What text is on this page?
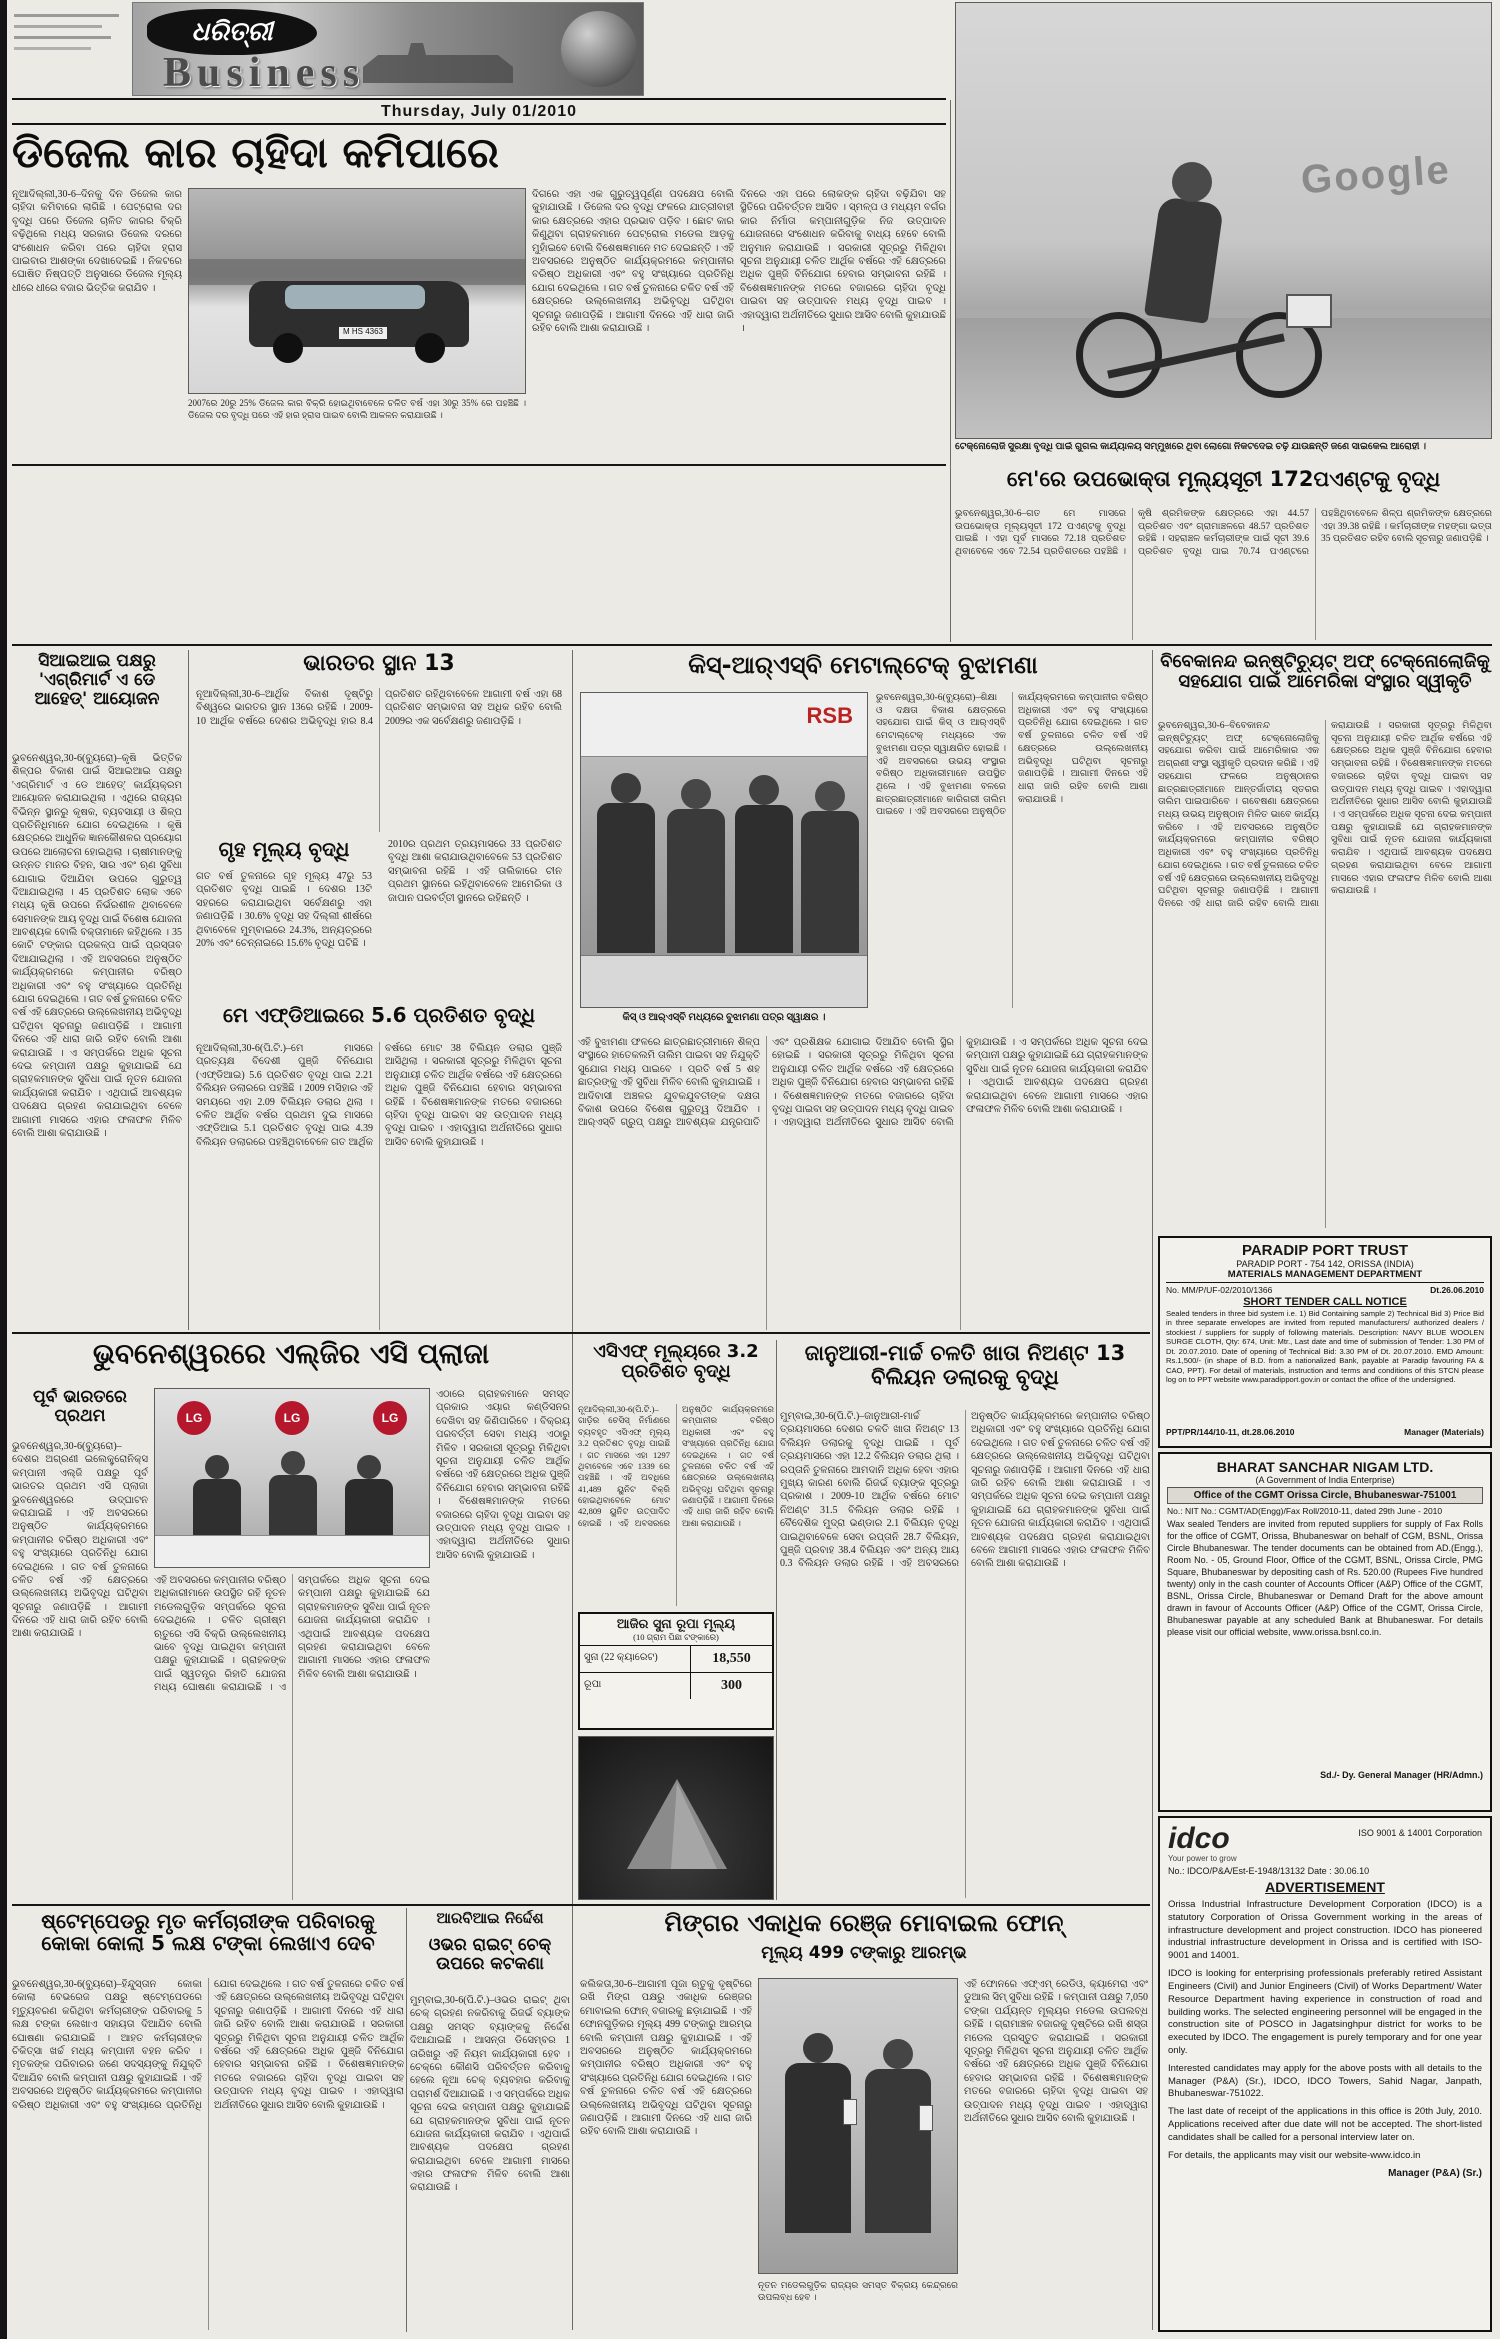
ଧରିତ୍ରୀ
Business
Google
ଟେକ୍ନୋଲୋଜି ସୁରକ୍ଷା ବୃଦ୍ଧି ପାଇଁ ଗୁଗଲ କାର୍ଯ୍ୟାଳୟ ସମ୍ମୁଖରେ ଥିବା ଲୋଗୋ ନିକଟଦେଇ ଚଢ଼ି ଯାଉଛନ୍ତି ଜଣେ ସାଇକେଲ ଆରୋହୀ ।
Thursday, July 01/2010
ଡିଜେଲ କାର ଚାହିଦା କମିପାରେ
ନୂଆଦିଲ୍ଲୀ,30-6–ଦିନକୁ ଦିନ ଡିଜେଲ କାର ଚାହିଦା କମିବାରେ ଲାଗିଛି । ପେଟ୍ରୋଲ ଦର ବୃଦ୍ଧି ପରେ ଡିଜେଲ ଚାଳିତ କାରର ବିକ୍ରି ବଢ଼ିଥିଲେ ମଧ୍ୟ ସରକାର ଡିଜେଲ ଦରରେ ସଂଶୋଧନ କରିବା ପରେ ଚାହିଦା ହ୍ରାସ ପାଇବାର ଆଶଙ୍କା ଦେଖାଦେଇଛି । ନିକଟରେ ଘୋଷିତ ନିଷ୍ପତ୍ତି ଅନୁସାରେ ଡିଜେଲ ମୂଲ୍ୟ ଧୀରେ ଧୀରେ ବଜାର ଭିତ୍ତିକ କରାଯିବ ।
M HS 4363
2007ରେ 20ରୁ 25% ଡିଜେଲ କାର ବିକ୍ରି ହୋଇଥିବାବେଳେ ଚଳିତ ବର୍ଷ ଏହା 30ରୁ 35% ରେ ପହଞ୍ଚିଛି । ଡିଜେଲ ଦର ବୃଦ୍ଧି ପରେ ଏହି ହାର ହ୍ରାସ ପାଇବ ବୋଲି ଆକଳନ କରାଯାଉଛି ।
ଦିଗରେ ଏହା ଏକ ଗୁରୁତ୍ୱପୂର୍ଣ୍ଣ ପଦକ୍ଷେପ ବୋଲି କୁହାଯାଉଛି । ଡିଜେଲ ଦର ବୃଦ୍ଧି ଫଳରେ ଯାତ୍ରୀବାହୀ କାର କ୍ଷେତ୍ରରେ ଏହାର ପ୍ରଭାବ ପଡ଼ିବ । ଛୋଟ କାର କିଣୁଥିବା ଗ୍ରାହକମାନେ ପେଟ୍ରୋଲ ମଡେଲ ଆଡ଼କୁ ମୁହାଁଇବେ ବୋଲି ବିଶେଷଜ୍ଞମାନେ ମତ ଦେଇଛନ୍ତି । ଏହି ଅବସରରେ ଅନୁଷ୍ଠିତ କାର୍ଯ୍ୟକ୍ରମରେ କମ୍ପାନୀର ବରିଷ୍ଠ ଅଧିକାରୀ ଏବଂ ବହୁ ସଂଖ୍ୟାରେ ପ୍ରତିନିଧି ଯୋଗ ଦେଇଥିଲେ । ଗତ ବର୍ଷ ତୁଳନାରେ ଚଳିତ ବର୍ଷ ଏହି କ୍ଷେତ୍ରରେ ଉଲ୍ଲେଖନୀୟ ଅଭିବୃଦ୍ଧି ଘଟିଥିବା ସୂଚନାରୁ ଜଣାପଡ଼ିଛି । ଆଗାମୀ ଦିନରେ ଏହି ଧାରା ଜାରି ରହିବ ବୋଲି ଆଶା କରାଯାଉଛି ।
ଦିନରେ ଏହା ପରେ ଲୋକଙ୍କ ଚାହିଦା ବଢ଼ିଯିବା ସହ ସ୍ଥିତିରେ ପରିବର୍ତ୍ତନ ଆସିବ । ସ୍ମଳ୍ପ ଓ ମଧ୍ୟମ ବର୍ଗର କାର ନିର୍ମାତା କମ୍ପାନୀଗୁଡ଼ିକ ନିଜ ଉତ୍ପାଦନ ଯୋଜନାରେ ସଂଶୋଧନ କରିବାକୁ ବାଧ୍ୟ ହେବେ ବୋଲି ଅନୁମାନ କରାଯାଉଛି । ସରକାରୀ ସୂତ୍ରରୁ ମିଳିଥିବା ସୂଚନା ଅନୁଯାୟୀ ଚଳିତ ଆର୍ଥିକ ବର୍ଷରେ ଏହି କ୍ଷେତ୍ରରେ ଅଧିକ ପୁଞ୍ଜି ବିନିଯୋଗ ହେବାର ସମ୍ଭାବନା ରହିଛି । ବିଶେଷଜ୍ଞମାନଙ୍କ ମତରେ ବଜାରରେ ଚାହିଦା ବୃଦ୍ଧି ପାଇବା ସହ ଉତ୍ପାଦନ ମଧ୍ୟ ବୃଦ୍ଧି ପାଇବ । ଏହାଦ୍ୱାରା ଅର୍ଥନୀତିରେ ସୁଧାର ଆସିବ ବୋଲି କୁହାଯାଉଛି ।
ମେ'ରେ ଉପଭୋକ୍ତା ମୂଲ୍ୟସୂଚୀ 172ପଏଣ୍ଟକୁ ବୃଦ୍ଧି
ଭୁବନେଶ୍ୱର,30-6–ଗତ ମେ ମାସରେ ଉପଭୋକ୍ତା ମୂଲ୍ୟସୂଚୀ 172 ପଏଣ୍ଟକୁ ବୃଦ୍ଧି ପାଇଛି । ଏହା ପୂର୍ବ ମାସରେ 72.18 ପ୍ରତିଶତ ଥିବାବେଳେ ଏବେ 72.54 ପ୍ରତିଶତରେ ପହଞ୍ଚିଛି । କୃଷି ଶ୍ରମିକଙ୍କ କ୍ଷେତ୍ରରେ ଏହା 44.57 ପ୍ରତିଶତ ଏବଂ ଗ୍ରାମାଞ୍ଚଳରେ 48.57 ପ୍ରତିଶତ ରହିଛି । ସହରାଞ୍ଚଳ କର୍ମଚାରୀଙ୍କ ପାଇଁ ସୂଚୀ 39.6 ପ୍ରତିଶତ ବୃଦ୍ଧି ପାଇ 70.74 ପଏଣ୍ଟରେ ପହଞ୍ଚିଥିବାବେଳେ ଶିଳ୍ପ ଶ୍ରମିକଙ୍କ କ୍ଷେତ୍ରରେ ଏହା 39.38 ରହିଛି । କର୍ମଚାରୀଙ୍କ ମହଙ୍ଗା ଭତ୍ତା 35 ପ୍ରତିଶତ ରହିବ ବୋଲି ସୂଚନାରୁ ଜଣାପଡ଼ିଛି ।
ସିଆଇଆଇ ପକ୍ଷରୁ 'ଏଗ୍ରିମାର୍ଟ ଏ ଡେ ଆହେଡ୍' ଆୟୋଜନ
ଭୁବନେଶ୍ୱର,30-6(ବ୍ୟୁରୋ)–କୃଷି ଭିତ୍ତିକ ଶିଳ୍ପର ବିକାଶ ପାଇଁ ସିଆଇଆଇ ପକ୍ଷରୁ 'ଏଗ୍ରିମାର୍ଟ ଏ ଡେ ଆହେଡ୍' କାର୍ଯ୍ୟକ୍ରମ ଆୟୋଜନ କରାଯାଇଥିଲା । ଏଥିରେ ରାଜ୍ୟର ବିଭିନ୍ନ ସ୍ଥାନରୁ କୃଷକ, ବ୍ୟବସାୟୀ ଓ ଶିଳ୍ପ ପ୍ରତିନିଧିମାନେ ଯୋଗ ଦେଇଥିଲେ । କୃଷି କ୍ଷେତ୍ରରେ ଆଧୁନିକ ଜ୍ଞାନକୌଶଳର ପ୍ରୟୋଗ ଉପରେ ଆଲୋଚନା ହୋଇଥିଲା । ଚାଷୀମାନଙ୍କୁ ଉନ୍ନତ ମାନର ବିହନ, ସାର ଏବଂ ଋଣ ସୁବିଧା ଯୋଗାଇ ଦିଆଯିବା ଉପରେ ଗୁରୁତ୍ୱ ଦିଆଯାଇଥିଲା । 45 ପ୍ରତିଶତ ଲୋକ ଏବେ ମଧ୍ୟ କୃଷି ଉପରେ ନିର୍ଭରଶୀଳ ଥିବାବେଳେ ସେମାନଙ୍କ ଆୟ ବୃଦ୍ଧି ପାଇଁ ବିଶେଷ ଯୋଜନା ଆବଶ୍ୟକ ବୋଲି ବକ୍ତାମାନେ କହିଥିଲେ । 35 କୋଟି ଟଙ୍କାର ପ୍ରକଳ୍ପ ପାଇଁ ପ୍ରସ୍ତାବ ଦିଆଯାଇଥିଲା । ଏହି ଅବସରରେ ଅନୁଷ୍ଠିତ କାର୍ଯ୍ୟକ୍ରମରେ କମ୍ପାନୀର ବରିଷ୍ଠ ଅଧିକାରୀ ଏବଂ ବହୁ ସଂଖ୍ୟାରେ ପ୍ରତିନିଧି ଯୋଗ ଦେଇଥିଲେ । ଗତ ବର୍ଷ ତୁଳନାରେ ଚଳିତ ବର୍ଷ ଏହି କ୍ଷେତ୍ରରେ ଉଲ୍ଲେଖନୀୟ ଅଭିବୃଦ୍ଧି ଘଟିଥିବା ସୂଚନାରୁ ଜଣାପଡ଼ିଛି । ଆଗାମୀ ଦିନରେ ଏହି ଧାରା ଜାରି ରହିବ ବୋଲି ଆଶା କରାଯାଉଛି । ଏ ସମ୍ପର୍କରେ ଅଧିକ ସୂଚନା ଦେଇ କମ୍ପାନୀ ପକ୍ଷରୁ କୁହାଯାଇଛି ଯେ ଗ୍ରାହକମାନଙ୍କ ସୁବିଧା ପାଇଁ ନୂତନ ଯୋଜନା କାର୍ଯ୍ୟକାରୀ କରାଯିବ । ଏଥିପାଇଁ ଆବଶ୍ୟକ ପଦକ୍ଷେପ ଗ୍ରହଣ କରାଯାଇଥିବା ବେଳେ ଆଗାମୀ ମାସରେ ଏହାର ଫଳାଫଳ ମିଳିବ ବୋଲି ଆଶା କରାଯାଉଛି ।
ଭାରତର ସ୍ଥାନ 13
ନୂଆଦିଲ୍ଲୀ,30-6–ଆର୍ଥିକ ବିକାଶ ଦୃଷ୍ଟିରୁ ବିଶ୍ୱରେ ଭାରତର ସ୍ଥାନ 13ରେ ରହିଛି । 2009-10 ଆର୍ଥିକ ବର୍ଷରେ ଦେଶର ଅଭିବୃଦ୍ଧି ହାର 8.4 ପ୍ରତିଶତ ରହିଥିବାବେଳେ ଆଗାମୀ ବର୍ଷ ଏହା 68 ପ୍ରତିଶତ ସମ୍ଭାବନା ସହ ଅଧିକ ରହିବ ବୋଲି 2009ର ଏକ ସର୍ବେକ୍ଷଣରୁ ଜଣାପଡ଼ିଛି ।
ଗୃହ ମୂଲ୍ୟ ବୃଦ୍ଧି
ଗତ ବର୍ଷ ତୁଳନାରେ ଗୃହ ମୂଲ୍ୟ 47ରୁ 53 ପ୍ରତିଶତ ବୃଦ୍ଧି ପାଇଛି । ଦେଶର 13ଟି ସହରରେ କରାଯାଇଥିବା ସର୍ବେକ୍ଷଣରୁ ଏହା ଜଣାପଡ଼ିଛି । 30.6% ବୃଦ୍ଧି ସହ ଦିଲ୍ଲୀ ଶୀର୍ଷରେ ଥିବାବେଳେ ମୁମ୍ବାଇରେ 24.3%, ଅନ୍ୟତ୍ରରେ 20% ଏବଂ ଚେନ୍ନାଇରେ 15.6% ବୃଦ୍ଧି ଘଟିଛି ।
2010ର ପ୍ରଥମ ତ୍ରୟମାସରେ 33 ପ୍ରତିଶତ ବୃଦ୍ଧି ଆଶା କରାଯାଉଥିବାବେଳେ 53 ପ୍ରତିଶତ ସମ୍ଭାବନା ରହିଛି । ଏହି ତାଲିକାରେ ଚୀନ ପ୍ରଥମ ସ୍ଥାନରେ ରହିଥିବାବେଳେ ଆମେରିକା ଓ ଜାପାନ ପରବର୍ତ୍ତୀ ସ୍ଥାନରେ ରହିଛନ୍ତି ।
ମେ ଏଫ୍‌ଡିଆଇରେ 5.6 ପ୍ରତିଶତ ବୃଦ୍ଧି
ନୂଆଦିଲ୍ଲୀ,30-6(ପି.ଟି.)–ମେ ମାସରେ ପ୍ରତ୍ୟକ୍ଷ ବିଦେଶୀ ପୁଞ୍ଜି ବିନିଯୋଗ (ଏଫ୍‌ଡିଆଇ) 5.6 ପ୍ରତିଶତ ବୃଦ୍ଧି ପାଇ 2.21 ବିଲିୟନ ଡଲାରରେ ପହଞ୍ଚିଛି । 2009 ମସିହାର ଏହି ସମୟରେ ଏହା 2.09 ବିଲିୟନ ଡଲାର ଥିଲା । ଚଳିତ ଆର୍ଥିକ ବର୍ଷର ପ୍ରଥମ ଦୁଇ ମାସରେ ଏଫ୍‌ଡିଆଇ 5.1 ପ୍ରତିଶତ ବୃଦ୍ଧି ପାଇ 4.39 ବିଲିୟନ ଡଲାରରେ ପହଞ୍ଚିଥିବାବେଳେ ଗତ ଆର୍ଥିକ ବର୍ଷରେ ମୋଟ 38 ବିଲିୟନ ଡଲାର ପୁଞ୍ଜି ଆସିଥିଲା । ସରକାରୀ ସୂତ୍ରରୁ ମିଳିଥିବା ସୂଚନା ଅନୁଯାୟୀ ଚଳିତ ଆର୍ଥିକ ବର୍ଷରେ ଏହି କ୍ଷେତ୍ରରେ ଅଧିକ ପୁଞ୍ଜି ବିନିଯୋଗ ହେବାର ସମ୍ଭାବନା ରହିଛି । ବିଶେଷଜ୍ଞମାନଙ୍କ ମତରେ ବଜାରରେ ଚାହିଦା ବୃଦ୍ଧି ପାଇବା ସହ ଉତ୍ପାଦନ ମଧ୍ୟ ବୃଦ୍ଧି ପାଇବ । ଏହାଦ୍ୱାରା ଅର୍ଥନୀତିରେ ସୁଧାର ଆସିବ ବୋଲି କୁହାଯାଉଛି ।
କିସ୍‌-ଆର୍‌ଏସ୍‌ବି ମେଟାଲ୍‌ଟେକ୍ ବୁଝାମଣା
RSB
ଭୁବନେଶ୍ୱର,30-6(ବ୍ୟୁରୋ)–ଶିକ୍ଷା ଓ ଦକ୍ଷତା ବିକାଶ କ୍ଷେତ୍ରରେ ସହଯୋଗ ପାଇଁ କିସ୍ ଓ ଆର୍‌ଏସ୍‌ବି ମେଟାଲ୍‌ଟେକ୍ ମଧ୍ୟରେ ଏକ ବୁଝାମଣା ପତ୍ର ସ୍ୱାକ୍ଷରିତ ହୋଇଛି । ଏହି ଅବସରରେ ଉଭୟ ସଂସ୍ଥାର ବରିଷ୍ଠ ଅଧିକାରୀମାନେ ଉପସ୍ଥିତ ଥିଲେ । ଏହି ବୁଝାମଣା ବଳରେ ଛାତ୍ରଛାତ୍ରୀମାନେ କାରିଗରୀ ତାଲିମ ପାଇବେ । ଏହି ଅବସରରେ ଅନୁଷ୍ଠିତ କାର୍ଯ୍ୟକ୍ରମରେ କମ୍ପାନୀର ବରିଷ୍ଠ ଅଧିକାରୀ ଏବଂ ବହୁ ସଂଖ୍ୟାରେ ପ୍ରତିନିଧି ଯୋଗ ଦେଇଥିଲେ । ଗତ ବର୍ଷ ତୁଳନାରେ ଚଳିତ ବର୍ଷ ଏହି କ୍ଷେତ୍ରରେ ଉଲ୍ଲେଖନୀୟ ଅଭିବୃଦ୍ଧି ଘଟିଥିବା ସୂଚନାରୁ ଜଣାପଡ଼ିଛି । ଆଗାମୀ ଦିନରେ ଏହି ଧାରା ଜାରି ରହିବ ବୋଲି ଆଶା କରାଯାଉଛି ।
କିସ୍ ଓ ଆର୍‌ଏସ୍‌ବି ମଧ୍ୟରେ ବୁଝାମଣା ପତ୍ର ସ୍ୱାକ୍ଷର ।
ଏହି ବୁଝାମଣା ଫଳରେ ଛାତ୍ରଛାତ୍ରୀମାନେ ଶିଳ୍ପ ସଂସ୍ଥାରେ ହାତେକଲମି ତାଲିମ ପାଇବା ସହ ନିଯୁକ୍ତି ସୁଯୋଗ ମଧ୍ୟ ପାଇବେ । ପ୍ରତି ବର୍ଷ 5 ଶହ ଛାତ୍ରଙ୍କୁ ଏହି ସୁବିଧା ମିଳିବ ବୋଲି କୁହାଯାଇଛି । ଆଦିବାସୀ ଅଞ୍ଚଳର ଯୁବକଯୁବତୀଙ୍କ ଦକ୍ଷତା ବିକାଶ ଉପରେ ବିଶେଷ ଗୁରୁତ୍ୱ ଦିଆଯିବ । ଆର୍‌ଏସ୍‌ବି ଗ୍ରୁପ୍ ପକ୍ଷରୁ ଆବଶ୍ୟକ ଯନ୍ତ୍ରପାତି ଏବଂ ପ୍ରଶିକ୍ଷକ ଯୋଗାଇ ଦିଆଯିବ ବୋଲି ସ୍ଥିର ହୋଇଛି । ସରକାରୀ ସୂତ୍ରରୁ ମିଳିଥିବା ସୂଚନା ଅନୁଯାୟୀ ଚଳିତ ଆର୍ଥିକ ବର୍ଷରେ ଏହି କ୍ଷେତ୍ରରେ ଅଧିକ ପୁଞ୍ଜି ବିନିଯୋଗ ହେବାର ସମ୍ଭାବନା ରହିଛି । ବିଶେଷଜ୍ଞମାନଙ୍କ ମତରେ ବଜାରରେ ଚାହିଦା ବୃଦ୍ଧି ପାଇବା ସହ ଉତ୍ପାଦନ ମଧ୍ୟ ବୃଦ୍ଧି ପାଇବ । ଏହାଦ୍ୱାରା ଅର୍ଥନୀତିରେ ସୁଧାର ଆସିବ ବୋଲି କୁହାଯାଉଛି । ଏ ସମ୍ପର୍କରେ ଅଧିକ ସୂଚନା ଦେଇ କମ୍ପାନୀ ପକ୍ଷରୁ କୁହାଯାଇଛି ଯେ ଗ୍ରାହକମାନଙ୍କ ସୁବିଧା ପାଇଁ ନୂତନ ଯୋଜନା କାର୍ଯ୍ୟକାରୀ କରାଯିବ । ଏଥିପାଇଁ ଆବଶ୍ୟକ ପଦକ୍ଷେପ ଗ୍ରହଣ କରାଯାଇଥିବା ବେଳେ ଆଗାମୀ ମାସରେ ଏହାର ଫଳାଫଳ ମିଳିବ ବୋଲି ଆଶା କରାଯାଉଛି ।
ବିବେକାନନ୍ଦ ଇନ୍‌ଷ୍ଟିଚ୍ୟୁଟ୍ ଅଫ୍ ଟେକ୍ନୋଲୋଜିକୁ ସହଯୋଗ ପାଇଁ ଆମେରିକା ସଂସ୍ଥାର ସ୍ୱୀକୃତି
ଭୁବନେଶ୍ୱର,30-6–ବିବେକାନନ୍ଦ ଇନ୍‌ଷ୍ଟିଚ୍ୟୁଟ୍ ଅଫ୍ ଟେକ୍ନୋଲୋଜିକୁ ସହଯୋଗ କରିବା ପାଇଁ ଆମେରିକାର ଏକ ଅଗ୍ରଣୀ ସଂସ୍ଥା ସ୍ୱୀକୃତି ପ୍ରଦାନ କରିଛି । ଏହି ସହଯୋଗ ଫଳରେ ଅନୁଷ୍ଠାନର ଛାତ୍ରଛାତ୍ରୀମାନେ ଆନ୍ତର୍ଜାତୀୟ ସ୍ତରର ତାଲିମ ପାଇପାରିବେ । ଗବେଷଣା କ୍ଷେତ୍ରରେ ମଧ୍ୟ ଉଭୟ ଅନୁଷ୍ଠାନ ମିଳିତ ଭାବେ କାର୍ଯ୍ୟ କରିବେ । ଏହି ଅବସରରେ ଅନୁଷ୍ଠିତ କାର୍ଯ୍ୟକ୍ରମରେ କମ୍ପାନୀର ବରିଷ୍ଠ ଅଧିକାରୀ ଏବଂ ବହୁ ସଂଖ୍ୟାରେ ପ୍ରତିନିଧି ଯୋଗ ଦେଇଥିଲେ । ଗତ ବର୍ଷ ତୁଳନାରେ ଚଳିତ ବର୍ଷ ଏହି କ୍ଷେତ୍ରରେ ଉଲ୍ଲେଖନୀୟ ଅଭିବୃଦ୍ଧି ଘଟିଥିବା ସୂଚନାରୁ ଜଣାପଡ଼ିଛି । ଆଗାମୀ ଦିନରେ ଏହି ଧାରା ଜାରି ରହିବ ବୋଲି ଆଶା କରାଯାଉଛି । ସରକାରୀ ସୂତ୍ରରୁ ମିଳିଥିବା ସୂଚନା ଅନୁଯାୟୀ ଚଳିତ ଆର୍ଥିକ ବର୍ଷରେ ଏହି କ୍ଷେତ୍ରରେ ଅଧିକ ପୁଞ୍ଜି ବିନିଯୋଗ ହେବାର ସମ୍ଭାବନା ରହିଛି । ବିଶେଷଜ୍ଞମାନଙ୍କ ମତରେ ବଜାରରେ ଚାହିଦା ବୃଦ୍ଧି ପାଇବା ସହ ଉତ୍ପାଦନ ମଧ୍ୟ ବୃଦ୍ଧି ପାଇବ । ଏହାଦ୍ୱାରା ଅର୍ଥନୀତିରେ ସୁଧାର ଆସିବ ବୋଲି କୁହାଯାଉଛି । ଏ ସମ୍ପର୍କରେ ଅଧିକ ସୂଚନା ଦେଇ କମ୍ପାନୀ ପକ୍ଷରୁ କୁହାଯାଇଛି ଯେ ଗ୍ରାହକମାନଙ୍କ ସୁବିଧା ପାଇଁ ନୂତନ ଯୋଜନା କାର୍ଯ୍ୟକାରୀ କରାଯିବ । ଏଥିପାଇଁ ଆବଶ୍ୟକ ପଦକ୍ଷେପ ଗ୍ରହଣ କରାଯାଇଥିବା ବେଳେ ଆଗାମୀ ମାସରେ ଏହାର ଫଳାଫଳ ମିଳିବ ବୋଲି ଆଶା କରାଯାଉଛି ।
PARADIP PORT TRUST
PARADIP PORT - 754 142, ORISSA (INDIA)
MATERIALS MANAGEMENT DEPARTMENT
No. MM/P/UF-02/2010/1366	Dt.26.06.2010
SHORT TENDER CALL NOTICE
Sealed tenders in three bid system i.e. 1) Bid Containing sample 2) Technical Bid 3) Price Bid in three separate envelopes are invited from reputed manufacturers/ authorized dealers / stockiest / suppliers for supply of following materials. Description: NAVY BLUE WOOLEN SURGE CLOTH, Qty: 674, Unit: Mtr., Last date and time of submission of Tender: 1.30 PM of Dt. 20.07.2010. Date of opening of Technical Bid: 3.30 PM of Dt. 20.07.2010. EMD Amount: Rs.1,500/- (in shape of B.D. from a nationalized Bank, payable at Paradip favouring FA & CAO, PPT). For detail of materials, instruction and terms and conditions of this STCN please log on to PPT website www.paradipport.gov.in or contact the office of the undersigned.
PPT/PR/144/10-11, dt.28.06.2010	Manager (Materials)
ଭୁବନେଶ୍ୱରରେ ଏଲ୍‌ଜିର ଏସି ପ୍ଲାଜା
ପୂର୍ବ ଭାରତରେ ପ୍ରଥମ
ଭୁବନେଶ୍ୱର,30-6(ବ୍ୟୁରୋ)–ଦେଶର ଅଗ୍ରଣୀ ଇଲେକ୍ଟ୍ରୋନିକ୍ସ କମ୍ପାନୀ ଏଲ୍‌ଜି ପକ୍ଷରୁ ପୂର୍ବ ଭାରତର ପ୍ରଥମ ଏସି ପ୍ଲାଜା ଭୁବନେଶ୍ୱରରେ ଉଦ୍‌ଘାଟନ କରାଯାଇଛି । ଏହି ଅବସରରେ ଅନୁଷ୍ଠିତ କାର୍ଯ୍ୟକ୍ରମରେ କମ୍ପାନୀର ବରିଷ୍ଠ ଅଧିକାରୀ ଏବଂ ବହୁ ସଂଖ୍ୟାରେ ପ୍ରତିନିଧି ଯୋଗ ଦେଇଥିଲେ । ଗତ ବର୍ଷ ତୁଳନାରେ ଚଳିତ ବର୍ଷ ଏହି କ୍ଷେତ୍ରରେ ଉଲ୍ଲେଖନୀୟ ଅଭିବୃଦ୍ଧି ଘଟିଥିବା ସୂଚନାରୁ ଜଣାପଡ଼ିଛି । ଆଗାମୀ ଦିନରେ ଏହି ଧାରା ଜାରି ରହିବ ବୋଲି ଆଶା କରାଯାଉଛି ।
LG	LG	LG
ଏଠାରେ ଗ୍ରାହକମାନେ ସମସ୍ତ ପ୍ରକାର ଏୟାର କଣ୍ଡିସନର ଦେଖିବା ସହ କିଣିପାରିବେ । ବିକ୍ରୟ ପରବର୍ତ୍ତୀ ସେବା ମଧ୍ୟ ଏଠାରୁ ମିଳିବ । ସରକାରୀ ସୂତ୍ରରୁ ମିଳିଥିବା ସୂଚନା ଅନୁଯାୟୀ ଚଳିତ ଆର୍ଥିକ ବର୍ଷରେ ଏହି କ୍ଷେତ୍ରରେ ଅଧିକ ପୁଞ୍ଜି ବିନିଯୋଗ ହେବାର ସମ୍ଭାବନା ରହିଛି । ବିଶେଷଜ୍ଞମାନଙ୍କ ମତରେ ବଜାରରେ ଚାହିଦା ବୃଦ୍ଧି ପାଇବା ସହ ଉତ୍ପାଦନ ମଧ୍ୟ ବୃଦ୍ଧି ପାଇବ । ଏହାଦ୍ୱାରା ଅର୍ଥନୀତିରେ ସୁଧାର ଆସିବ ବୋଲି କୁହାଯାଉଛି ।
ଏହି ଅବସରରେ କମ୍ପାନୀର ବରିଷ୍ଠ ଅଧିକାରୀମାନେ ଉପସ୍ଥିତ ରହି ନୂତନ ମଡେଲଗୁଡ଼ିକ ସମ୍ପର୍କରେ ସୂଚନା ଦେଇଥିଲେ । ଚଳିତ ଗ୍ରୀଷ୍ମ ଋତୁରେ ଏସି ବିକ୍ରି ଉଲ୍ଲେଖନୀୟ ଭାବେ ବୃଦ୍ଧି ପାଇଥିବା କମ୍ପାନୀ ପକ୍ଷରୁ କୁହାଯାଇଛି । ଗ୍ରାହକଙ୍କ ପାଇଁ ସ୍ୱତନ୍ତ୍ର ରିହାତି ଯୋଜନା ମଧ୍ୟ ଘୋଷଣା କରାଯାଇଛି । ଏ ସମ୍ପର୍କରେ ଅଧିକ ସୂଚନା ଦେଇ କମ୍ପାନୀ ପକ୍ଷରୁ କୁହାଯାଇଛି ଯେ ଗ୍ରାହକମାନଙ୍କ ସୁବିଧା ପାଇଁ ନୂତନ ଯୋଜନା କାର୍ଯ୍ୟକାରୀ କରାଯିବ । ଏଥିପାଇଁ ଆବଶ୍ୟକ ପଦକ୍ଷେପ ଗ୍ରହଣ କରାଯାଇଥିବା ବେଳେ ଆଗାମୀ ମାସରେ ଏହାର ଫଳାଫଳ ମିଳିବ ବୋଲି ଆଶା କରାଯାଉଛି ।
ଏସିଏଫ୍ ମୂଲ୍ୟରେ 3.2 ପ୍ରତିଶତ ବୃଦ୍ଧି
ନୂଆଦିଲ୍ଲୀ,30-6(ପି.ଟି.)–ଗାଡ଼ିର ଚେସିସ୍ ନିର୍ମାଣରେ ବ୍ୟବହୃତ ଏସିଏଫ୍ ମୂଲ୍ୟ 3.2 ପ୍ରତିଶତ ବୃଦ୍ଧି ପାଇଛି । ଗତ ମାସରେ ଏହା 1297 ଥିବାବେଳେ ଏବେ 1339 ରେ ପହଞ୍ଚିଛି । ଏହି ଅବଧିରେ 41,489 ୟୁନିଟ ବିକ୍ରି ହୋଇଥିବାବେଳେ ମୋଟ 42,809 ୟୁନିଟ ଉତ୍ପାଦିତ ହୋଇଛି । ଏହି ଅବସରରେ ଅନୁଷ୍ଠିତ କାର୍ଯ୍ୟକ୍ରମରେ କମ୍ପାନୀର ବରିଷ୍ଠ ଅଧିକାରୀ ଏବଂ ବହୁ ସଂଖ୍ୟାରେ ପ୍ରତିନିଧି ଯୋଗ ଦେଇଥିଲେ । ଗତ ବର୍ଷ ତୁଳନାରେ ଚଳିତ ବର୍ଷ ଏହି କ୍ଷେତ୍ରରେ ଉଲ୍ଲେଖନୀୟ ଅଭିବୃଦ୍ଧି ଘଟିଥିବା ସୂଚନାରୁ ଜଣାପଡ଼ିଛି । ଆଗାମୀ ଦିନରେ ଏହି ଧାରା ଜାରି ରହିବ ବୋଲି ଆଶା କରାଯାଉଛି ।
ଆଜିର ସୁନା ରୂପା ମୂଲ୍ୟ
(10 ଗ୍ରାମ ପିଛା ଟଙ୍କାରେ)
ସୁନା (22 କ୍ୟାରେଟ)	18,550
ରୂପା	300
ଜାନୁଆରୀ-ମାର୍ଚ୍ଚ ଚଳତି ଖାତା ନିଅଣ୍ଟ 13 ବିଲିୟନ ଡଲାରକୁ ବୃଦ୍ଧି
ମୁମ୍ବାଇ,30-6(ପି.ଟି.)–ଜାନୁଆରୀ-ମାର୍ଚ୍ଚ ତ୍ରୟମାସରେ ଦେଶର ଚଳତି ଖାତା ନିଅଣ୍ଟ 13 ବିଲିୟନ ଡଲାରକୁ ବୃଦ୍ଧି ପାଇଛି । ପୂର୍ବ ତ୍ରୟମାସରେ ଏହା 12.2 ବିଲିୟନ ଡଲାର ଥିଲା । ରପ୍ତାନି ତୁଳନାରେ ଆମଦାନି ଅଧିକ ହେବା ଏହାର ମୁଖ୍ୟ କାରଣ ବୋଲି ରିଜର୍ଭ ବ୍ୟାଙ୍କ ସୂତ୍ରରୁ ପ୍ରକାଶ । 2009-10 ଆର୍ଥିକ ବର୍ଷରେ ମୋଟ ନିଅଣ୍ଟ 31.5 ବିଲିୟନ ଡଲାର ରହିଛି । ବୈଦେଶିକ ମୁଦ୍ରା ଭଣ୍ଡାର 2.1 ବିଲିୟନ ବୃଦ୍ଧି ପାଇଥିବାବେଳେ ସେବା ରପ୍ତାନି 28.7 ବିଲିୟନ, ପୁଞ୍ଜି ପ୍ରବାହ 38.4 ବିଲିୟନ ଏବଂ ଅନ୍ୟ ଆୟ 0.3 ବିଲିୟନ ଡଲାର ରହିଛି । ଏହି ଅବସରରେ ଅନୁଷ୍ଠିତ କାର୍ଯ୍ୟକ୍ରମରେ କମ୍ପାନୀର ବରିଷ୍ଠ ଅଧିକାରୀ ଏବଂ ବହୁ ସଂଖ୍ୟାରେ ପ୍ରତିନିଧି ଯୋଗ ଦେଇଥିଲେ । ଗତ ବର୍ଷ ତୁଳନାରେ ଚଳିତ ବର୍ଷ ଏହି କ୍ଷେତ୍ରରେ ଉଲ୍ଲେଖନୀୟ ଅଭିବୃଦ୍ଧି ଘଟିଥିବା ସୂଚନାରୁ ଜଣାପଡ଼ିଛି । ଆଗାମୀ ଦିନରେ ଏହି ଧାରା ଜାରି ରହିବ ବୋଲି ଆଶା କରାଯାଉଛି । ଏ ସମ୍ପର୍କରେ ଅଧିକ ସୂଚନା ଦେଇ କମ୍ପାନୀ ପକ୍ଷରୁ କୁହାଯାଇଛି ଯେ ଗ୍ରାହକମାନଙ୍କ ସୁବିଧା ପାଇଁ ନୂତନ ଯୋଜନା କାର୍ଯ୍ୟକାରୀ କରାଯିବ । ଏଥିପାଇଁ ଆବଶ୍ୟକ ପଦକ୍ଷେପ ଗ୍ରହଣ କରାଯାଇଥିବା ବେଳେ ଆଗାମୀ ମାସରେ ଏହାର ଫଳାଫଳ ମିଳିବ ବୋଲି ଆଶା କରାଯାଉଛି ।
BHARAT SANCHAR NIGAM LTD.
(A Government of India Enterprise)
Office of the CGMT Orissa Circle, Bhubaneswar-751001
No.: NIT No.: CGMT/AD(Engg)/Fax Roll/2010-11, dated 29th June - 2010
Wax sealed Tenders are invited from reputed suppliers for supply of Fax Rolls for the office of CGMT, Orissa, Bhubaneswar on behalf of CGM, BSNL, Orissa Circle Bhubaneswar. The tender documents can be obtained from AD.(Engg.), Room No. - 05, Ground Floor, Office of the CGMT, BSNL, Orissa Circle, PMG Square, Bhubaneswar by depositing cash of Rs. 520.00 (Rupees Five hundred twenty) only in the cash counter of Accounts Officer (A&P) Office of the CGMT, BSNL, Orissa Circle, Bhubaneswar or Demand Draft for the above amount drawn in favour of Accounts Officer (A&P) Office of the CGMT, Orissa Circle, Bhubaneswar payable at any scheduled Bank at Bhubaneswar. For details please visit our official website, www.orissa.bsnl.co.in.
Sd./- Dy. General Manager (HR/Admn.)
idco
Your power to grow
ISO 9001 & 14001 Corporation
No.: IDCO/P&A/Est-E-1948/13132 Date : 30.06.10
ADVERTISEMENT
Orissa Industrial Infrastructure Development Corporation (IDCO) is a statutory Corporation of Orissa Government working in the areas of infrastructure development and project construction. IDCO has pioneered industrial infrastructure development in Orissa and is certified with ISO-9001 and 14001.
IDCO is looking for enterprising professionals preferably retired Assistant Engineers (Civil) and Junior Engineers (Civil) of Works Department/ Water Resource Department having experience in construction of road and building works. The selected engineering personnel will be engaged in the construction site of POSCO in Jagatsinghpur district for works to be executed by IDCO. The engagement is purely temporary and for one year only.
Interested candidates may apply for the above posts with all details to the Manager (P&A) (Sr.), IDCO, IDCO Towers, Sahid Nagar, Janpath, Bhubaneswar-751022.
The last date of receipt of the applications in this office is 20th July, 2010. Applications received after due date will not be accepted. The short-listed candidates shall be called for a personal interview later on.
For details, the applicants may visit our website-www.idco.in
Manager (P&A) (Sr.)
ଷ୍ଟେମ୍ପେଡରୁ ମୃତ କର୍ମଚାରୀଙ୍କ ପରିବାରକୁ
କୋକା କୋଲା 5 ଲକ୍ଷ ଟଙ୍କା ଲେଖାଏ ଦେବ
ଭୁବନେଶ୍ୱର,30-6(ବ୍ୟୁରୋ)–ହିନ୍ଦୁସ୍ତାନ କୋକା କୋଲା ବେଭରେଜ ପକ୍ଷରୁ ଷ୍ଟେମ୍ପେଡରେ ମୃତ୍ୟୁବରଣ କରିଥିବା କର୍ମଚାରୀଙ୍କ ପରିବାରକୁ 5 ଲକ୍ଷ ଟଙ୍କା ଲେଖାଏ ସହାୟତା ଦିଆଯିବ ବୋଲି ଘୋଷଣା କରାଯାଇଛି । ଆହତ କର୍ମଚାରୀଙ୍କ ଚିକିତ୍ସା ଖର୍ଚ୍ଚ ମଧ୍ୟ କମ୍ପାନୀ ବହନ କରିବ । ମୃତକଙ୍କ ପରିବାରର ଜଣେ ସଦସ୍ୟଙ୍କୁ ନିଯୁକ୍ତି ଦିଆଯିବ ବୋଲି କମ୍ପାନୀ ପକ୍ଷରୁ କୁହାଯାଇଛି । ଏହି ଅବସରରେ ଅନୁଷ୍ଠିତ କାର୍ଯ୍ୟକ୍ରମରେ କମ୍ପାନୀର ବରିଷ୍ଠ ଅଧିକାରୀ ଏବଂ ବହୁ ସଂଖ୍ୟାରେ ପ୍ରତିନିଧି ଯୋଗ ଦେଇଥିଲେ । ଗତ ବର୍ଷ ତୁଳନାରେ ଚଳିତ ବର୍ଷ ଏହି କ୍ଷେତ୍ରରେ ଉଲ୍ଲେଖନୀୟ ଅଭିବୃଦ୍ଧି ଘଟିଥିବା ସୂଚନାରୁ ଜଣାପଡ଼ିଛି । ଆଗାମୀ ଦିନରେ ଏହି ଧାରା ଜାରି ରହିବ ବୋଲି ଆଶା କରାଯାଉଛି । ସରକାରୀ ସୂତ୍ରରୁ ମିଳିଥିବା ସୂଚନା ଅନୁଯାୟୀ ଚଳିତ ଆର୍ଥିକ ବର୍ଷରେ ଏହି କ୍ଷେତ୍ରରେ ଅଧିକ ପୁଞ୍ଜି ବିନିଯୋଗ ହେବାର ସମ୍ଭାବନା ରହିଛି । ବିଶେଷଜ୍ଞମାନଙ୍କ ମତରେ ବଜାରରେ ଚାହିଦା ବୃଦ୍ଧି ପାଇବା ସହ ଉତ୍ପାଦନ ମଧ୍ୟ ବୃଦ୍ଧି ପାଇବ । ଏହାଦ୍ୱାରା ଅର୍ଥନୀତିରେ ସୁଧାର ଆସିବ ବୋଲି କୁହାଯାଉଛି ।
ଆରବିଆଇ ନିର୍ଦ୍ଦେଶ
ଓଭର ରାଇଟ୍ ଚେକ୍ ଉପରେ କଟକଣା
ମୁମ୍ବାଇ,30-6(ପି.ଟି.)–ଓଭର ରାଇଟ୍ ଥିବା ଚେକ୍ ଗ୍ରହଣ ନକରିବାକୁ ରିଜର୍ଭ ବ୍ୟାଙ୍କ ପକ୍ଷରୁ ସମସ୍ତ ବ୍ୟାଙ୍କକୁ ନିର୍ଦ୍ଦେଶ ଦିଆଯାଇଛି । ଆସନ୍ତା ଡିସେମ୍ବର 1 ତାରିଖରୁ ଏହି ନିୟମ କାର୍ଯ୍ୟକାରୀ ହେବ । ଚେକ୍‌ରେ କୌଣସି ପରିବର୍ତ୍ତନ କରିବାକୁ ହେଲେ ନୂଆ ଚେକ୍ ବ୍ୟବହାର କରିବାକୁ ପରାମର୍ଶ ଦିଆଯାଇଛି । ଏ ସମ୍ପର୍କରେ ଅଧିକ ସୂଚନା ଦେଇ କମ୍ପାନୀ ପକ୍ଷରୁ କୁହାଯାଇଛି ଯେ ଗ୍ରାହକମାନଙ୍କ ସୁବିଧା ପାଇଁ ନୂତନ ଯୋଜନା କାର୍ଯ୍ୟକାରୀ କରାଯିବ । ଏଥିପାଇଁ ଆବଶ୍ୟକ ପଦକ୍ଷେପ ଗ୍ରହଣ କରାଯାଇଥିବା ବେଳେ ଆଗାମୀ ମାସରେ ଏହାର ଫଳାଫଳ ମିଳିବ ବୋଲି ଆଶା କରାଯାଉଛି ।
ମିଙ୍ଗର ଏକାଧିକ ରେଞ୍ଜ ମୋବାଇଲ ଫୋନ୍
ମୂଲ୍ୟ 499 ଟଙ୍କାରୁ ଆରମ୍ଭ
କଲିକତା,30-6–ଆଗାମୀ ପୂଜା ଋତୁକୁ ଦୃଷ୍ଟିରେ ରଖି ମିଙ୍ଗ ପକ୍ଷରୁ ଏକାଧିକ ରେଞ୍ଜର ମୋବାଇଲ ଫୋନ୍ ବଜାରକୁ ଛଡ଼ାଯାଇଛି । ଏହି ଫୋନଗୁଡ଼ିକର ମୂଲ୍ୟ 499 ଟଙ୍କାରୁ ଆରମ୍ଭ ବୋଲି କମ୍ପାନୀ ପକ୍ଷରୁ କୁହାଯାଇଛି । ଏହି ଅବସରରେ ଅନୁଷ୍ଠିତ କାର୍ଯ୍ୟକ୍ରମରେ କମ୍ପାନୀର ବରିଷ୍ଠ ଅଧିକାରୀ ଏବଂ ବହୁ ସଂଖ୍ୟାରେ ପ୍ରତିନିଧି ଯୋଗ ଦେଇଥିଲେ । ଗତ ବର୍ଷ ତୁଳନାରେ ଚଳିତ ବର୍ଷ ଏହି କ୍ଷେତ୍ରରେ ଉଲ୍ଲେଖନୀୟ ଅଭିବୃଦ୍ଧି ଘଟିଥିବା ସୂଚନାରୁ ଜଣାପଡ଼ିଛି । ଆଗାମୀ ଦିନରେ ଏହି ଧାରା ଜାରି ରହିବ ବୋଲି ଆଶା କରାଯାଉଛି ।
ନୂତନ ମଡେଲଗୁଡ଼ିକ ରାଜ୍ୟର ସମସ୍ତ ବିକ୍ରୟ କେନ୍ଦ୍ରରେ ଉପଲବ୍ଧ ହେବ ।
ଏହି ଫୋନରେ ଏଫ୍‌ଏମ୍ ରେଡିଓ, କ୍ୟାମେରା ଏବଂ ଡୁଆଲ ସିମ୍ ସୁବିଧା ରହିଛି । କମ୍ପାନୀ ପକ୍ଷରୁ 7,050 ଟଙ୍କା ପର୍ଯ୍ୟନ୍ତ ମୂଲ୍ୟର ମଡେଲ ଉପଲବ୍ଧ ରହିଛି । ଗ୍ରାମାଞ୍ଚଳ ବଜାରକୁ ଦୃଷ୍ଟିରେ ରଖି ଶସ୍ତା ମଡେଲ ପ୍ରସ୍ତୁତ କରାଯାଇଛି । ସରକାରୀ ସୂତ୍ରରୁ ମିଳିଥିବା ସୂଚନା ଅନୁଯାୟୀ ଚଳିତ ଆର୍ଥିକ ବର୍ଷରେ ଏହି କ୍ଷେତ୍ରରେ ଅଧିକ ପୁଞ୍ଜି ବିନିଯୋଗ ହେବାର ସମ୍ଭାବନା ରହିଛି । ବିଶେଷଜ୍ଞମାନଙ୍କ ମତରେ ବଜାରରେ ଚାହିଦା ବୃଦ୍ଧି ପାଇବା ସହ ଉତ୍ପାଦନ ମଧ୍ୟ ବୃଦ୍ଧି ପାଇବ । ଏହାଦ୍ୱାରା ଅର୍ଥନୀତିରେ ସୁଧାର ଆସିବ ବୋଲି କୁହାଯାଉଛି ।
